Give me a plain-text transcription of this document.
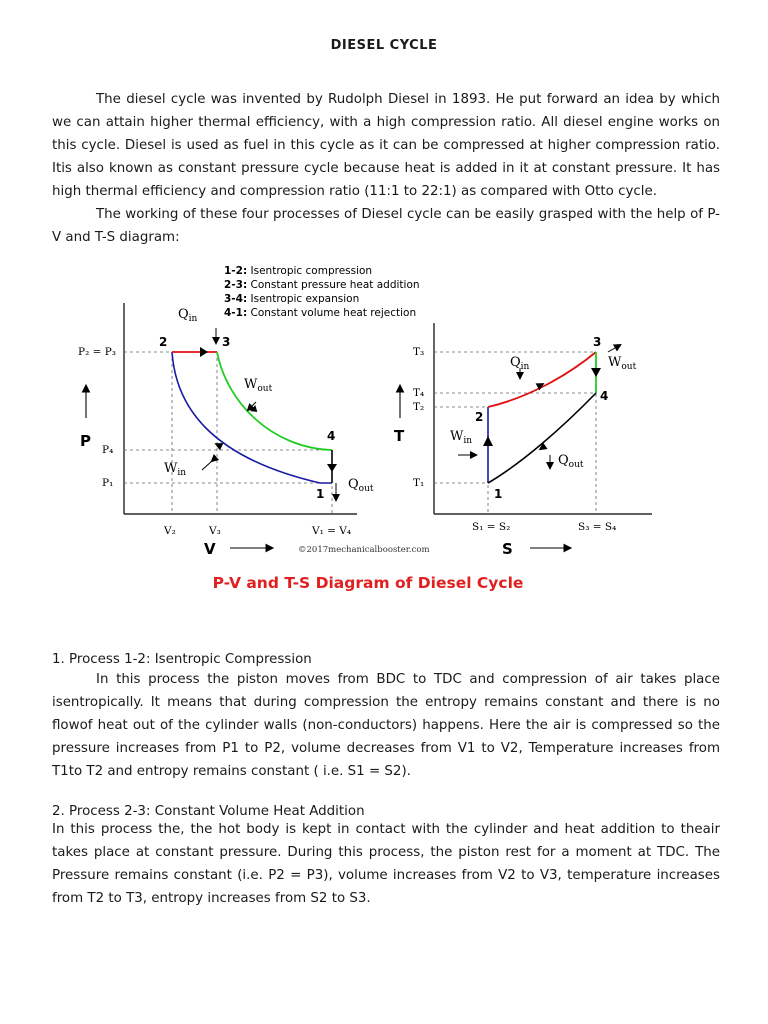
DIESEL CYCLE
The diesel cycle was invented by Rudolph Diesel in 1893. He put forward an idea by which we can attain higher thermal efficiency, with a high compression ratio. All diesel engine works on this cycle. Diesel is used as fuel in this cycle as it can be compressed at higher compression ratio. Itis also known as constant pressure cycle because heat is added in it at constant pressure. It has high thermal efficiency and compression ratio (11:1 to 22:1) as compared with Otto cycle.
The working of these four processes of Diesel cycle can be easily grasped with the help of P-V and T-S diagram:
1-2: Isentropic compression
2-3: Constant pressure heat addition
3-4: Isentropic expansion
4-1: Constant volume heat rejection
P₂ = P₃
P₄
P₁
V₂	V₃	V₁ = V₄
P
V
1
2	3
4
$Q_{in}$
$Q_{out}$
$W_{out}$
$W_{in}$
©2017mechanicalbooster.com
T₃
T₄
T₂
T₁
S₁ = S₂	S₃ = S₄
T
S
1
2
3
4
$Q_{in}$
$Q_{out}$
$W_{out}$
$W_{in}$
P-V and T-S Diagram of Diesel Cycle
1. Process 1-2: Isentropic Compression
In this process the piston moves from BDC to TDC and compression of air takes place isentropically. It means that during compression the entropy remains constant and there is no flowof heat out of the cylinder walls (non-conductors) happens. Here the air is compressed so the pressure increases from P1 to P2, volume decreases from V1 to V2, Temperature increases from T1to T2 and entropy remains constant ( i.e. S1 = S2).
2. Process 2-3: Constant Volume Heat Addition
In this process the, the hot body is kept in contact with the cylinder and heat addition to theair takes place at constant pressure. During this process, the piston rest for a moment at TDC. The Pressure remains constant (i.e. P2 = P3), volume increases from V2 to V3, temperature increases from T2 to T3, entropy increases from S2 to S3.
